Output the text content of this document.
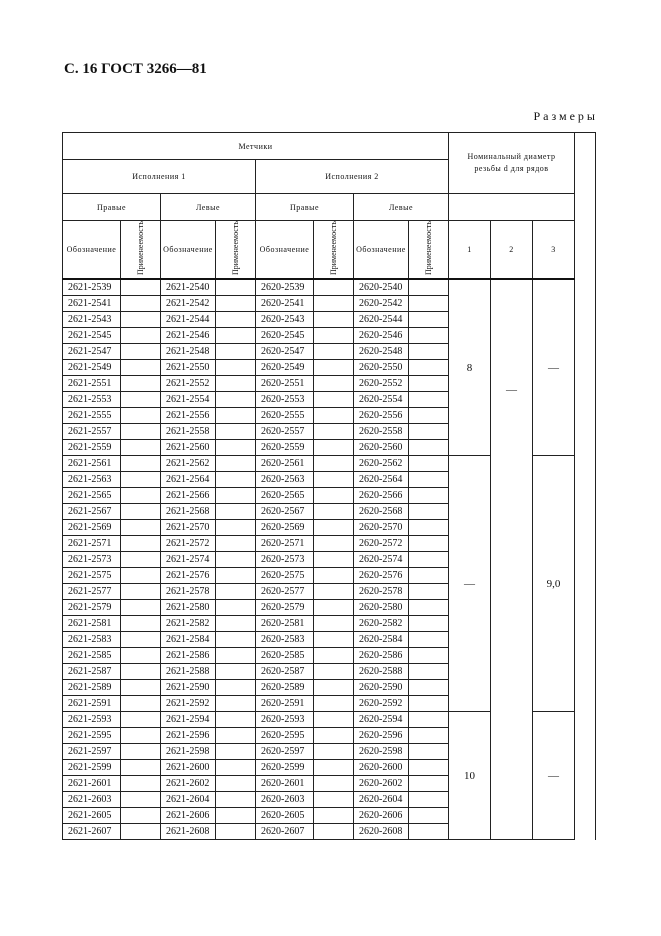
С. 16 ГОСТ 3266—81
Размеры
Метчики								Номинальный диаметр резьбы d для рядов			
Исполнения 1				Исполнения 2							
Правые		Левые		Правые		Левые					
Обозначение	Применеемость	Обозначение	Применеемость	Обозначение	Применеемость	Обозначение	Применеемость	1	2	3	
2621-2539		2621-2540		2620-2539		2620-2540		8	—	—	
2621-2541		2621-2542		2620-2541		2620-2542					
2621-2543		2621-2544		2620-2543		2620-2544					
2621-2545		2621-2546		2620-2545		2620-2546					
2621-2547		2621-2548		2620-2547		2620-2548					
2621-2549		2621-2550		2620-2549		2620-2550					
2621-2551		2621-2552		2620-2551		2620-2552					
2621-2553		2621-2554		2620-2553		2620-2554					
2621-2555		2621-2556		2620-2555		2620-2556					
2621-2557		2621-2558		2620-2557		2620-2558					
2621-2559		2621-2560		2620-2559		2620-2560					
2621-2561		2621-2562		2620-2561		2620-2562		—		9,0	
2621-2563		2621-2564		2620-2563		2620-2564					
2621-2565		2621-2566		2620-2565		2620-2566					
2621-2567		2621-2568		2620-2567		2620-2568					
2621-2569		2621-2570		2620-2569		2620-2570					
2621-2571		2621-2572		2620-2571		2620-2572					
2621-2573		2621-2574		2620-2573		2620-2574					
2621-2575		2621-2576		2620-2575		2620-2576					
2621-2577		2621-2578		2620-2577		2620-2578					
2621-2579		2621-2580		2620-2579		2620-2580					
2621-2581		2621-2582		2620-2581		2620-2582					
2621-2583		2621-2584		2620-2583		2620-2584					
2621-2585		2621-2586		2620-2585		2620-2586					
2621-2587		2621-2588		2620-2587		2620-2588					
2621-2589		2621-2590		2620-2589		2620-2590					
2621-2591		2621-2592		2620-2591		2620-2592					
2621-2593		2621-2594		2620-2593		2620-2594		10		—	
2621-2595		2621-2596		2620-2595		2620-2596					
2621-2597		2621-2598		2620-2597		2620-2598					
2621-2599		2621-2600		2620-2599		2620-2600					
2621-2601		2621-2602		2620-2601		2620-2602					
2621-2603		2621-2604		2620-2603		2620-2604					
2621-2605		2621-2606		2620-2605		2620-2606					
2621-2607		2621-2608		2620-2607		2620-2608					
